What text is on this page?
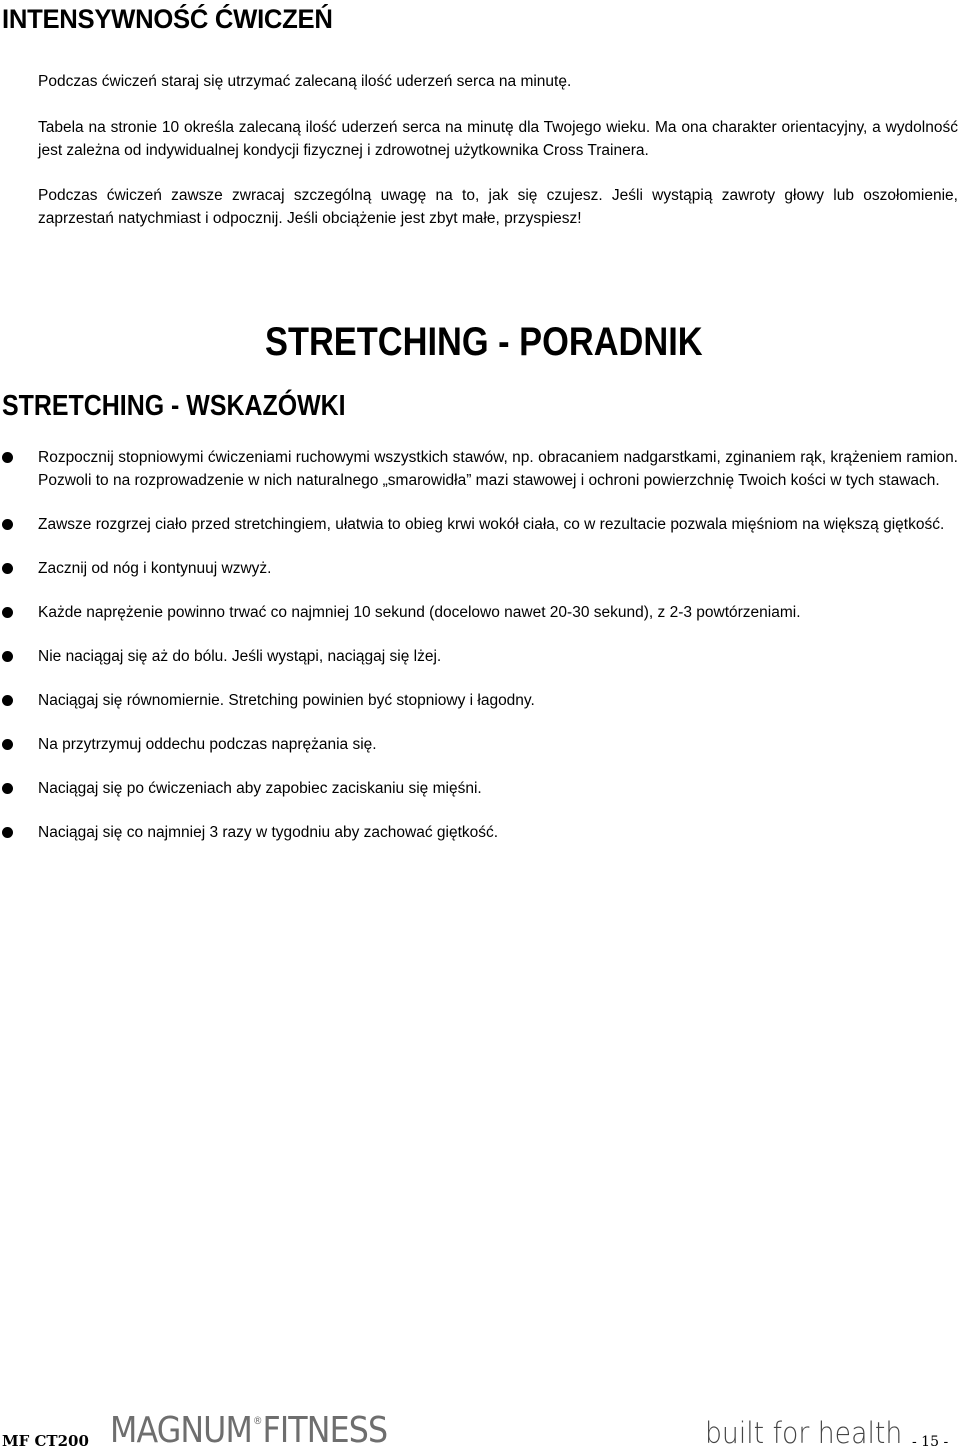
INTENSYWNOŚĆ ĆWICZEŃ

Podczas ćwiczeń staraj się utrzymać zalecaną ilość uderzeń serca na minutę.

Tabela na stronie 10 określa zalecaną ilość uderzeń serca na minutę dla Twojego wieku. Ma ona charakter orientacyjny, a wydolność jest zależna od indywidualnej kondycji fizycznej i zdrowotnej użytkownika Cross Trainera.

Podczas ćwiczeń zawsze zwracaj szczególną uwagę na to, jak się czujesz. Jeśli wystąpią zawroty głowy lub oszołomienie, zaprzestań natychmiast i odpocznij. Jeśli obciążenie jest zbyt małe, przyspiesz!

STRETCHING - PORADNIK
STRETCHING - WSKAZÓWKI
Rozpocznij stopniowymi ćwiczeniami ruchowymi wszystkich stawów, np. obracaniem nadgarstkami, zginaniem rąk, krążeniem ramion. Pozwoli to na rozprowadzenie w nich naturalnego „smarowidła” mazi stawowej i ochroni powierzchnię Twoich kości w tych stawach.
Zawsze rozgrzej ciało przed stretchingiem, ułatwia to obieg krwi wokół ciała, co w rezultacie pozwala mięśniom na większą giętkość.
Zacznij od nóg i kontynuuj wzwyż.
Każde naprężenie powinno trwać co najmniej 10 sekund (docelowo nawet 20-30 sekund), z 2-3 powtórzeniami.
Nie naciągaj się aż do bólu. Jeśli wystąpi, naciągaj się lżej.
Naciągaj się równomiernie. Stretching powinien być stopniowy i łagodny.
Na przytrzymuj oddechu podczas naprężania się.
Naciągaj się po ćwiczeniach aby zapobiec zaciskaniu się mięśni.
Naciągaj się co najmniej 3 razy w tygodniu aby zachować giętkość.
MF CT200 MAGNUM®FITNESS	built for health - 15 -
